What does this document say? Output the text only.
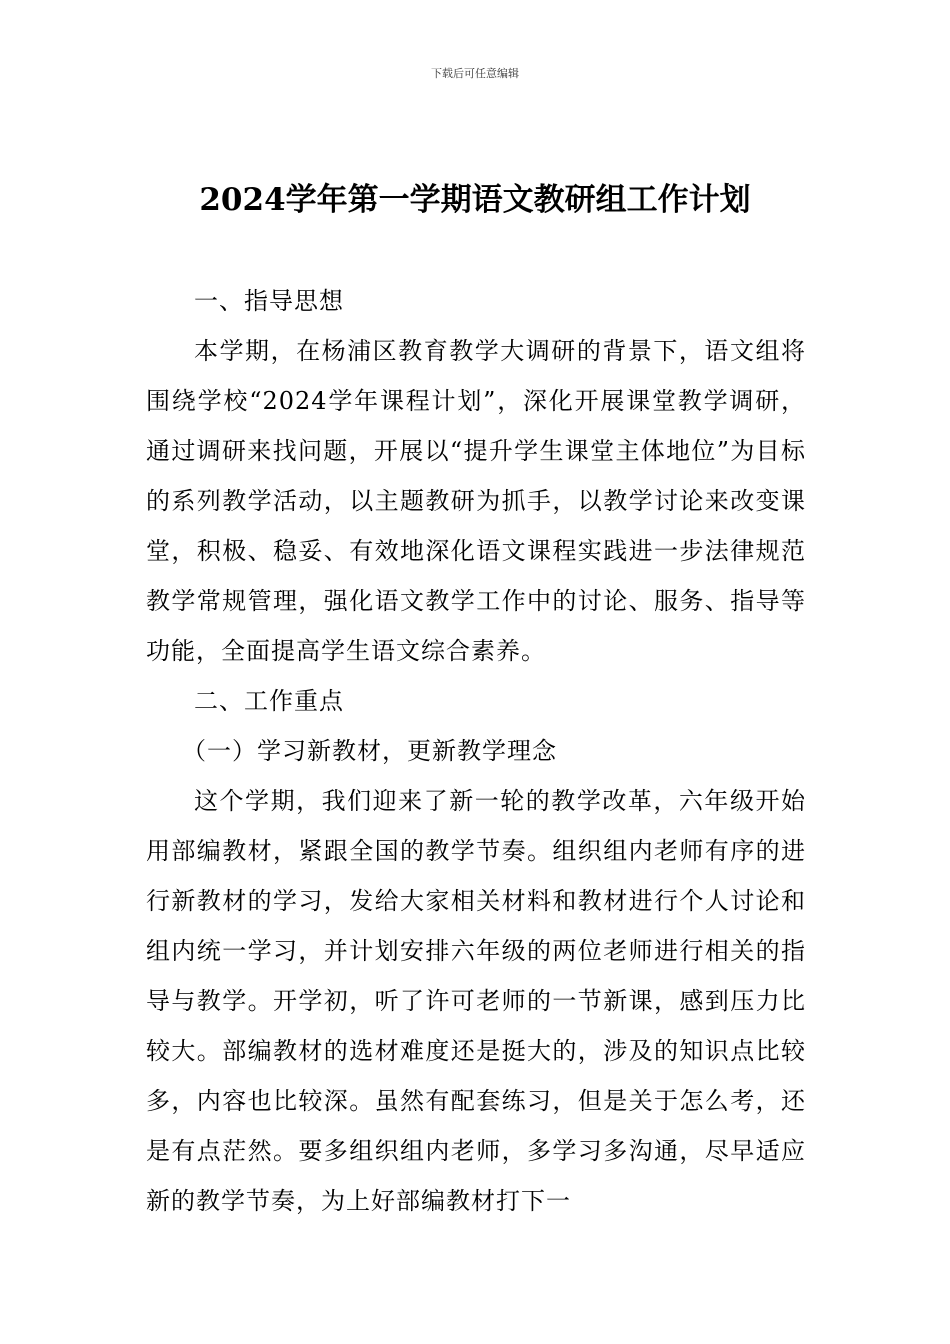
下载后可任意编辑
2024学年第一学期语文教研组工作计划

一、指导思想

本学期，在杨浦区教育教学大调研的背景下，语文组将围绕学校“2024学年课程计划”，深化开展课堂教学调研，通过调研来找问题，开展以“提升学生课堂主体地位”为目标的系列教学活动，以主题教研为抓手，以教学讨论来改变课堂，积极、稳妥、有效地深化语文课程实践进一步法律规范教学常规管理，强化语文教学工作中的讨论、服务、指导等功能，全面提高学生语文综合素养。

二、工作重点

（一）学习新教材，更新教学理念

这个学期，我们迎来了新一轮的教学改革，六年级开始用部编教材，紧跟全国的教学节奏。组织组内老师有序的进行新教材的学习，发给大家相关材料和教材进行个人讨论和组内统一学习，并计划安排六年级的两位老师进行相关的指导与教学。开学初，听了许可老师的一节新课，感到压力比较大。部编教材的选材难度还是挺大的，涉及的知识点比较多，内容也比较深。虽然有配套练习，但是关于怎么考，还是有点茫然。要多组织组内老师，多学习多沟通，尽早适应新的教学节奏，为上好部编教材打下一
